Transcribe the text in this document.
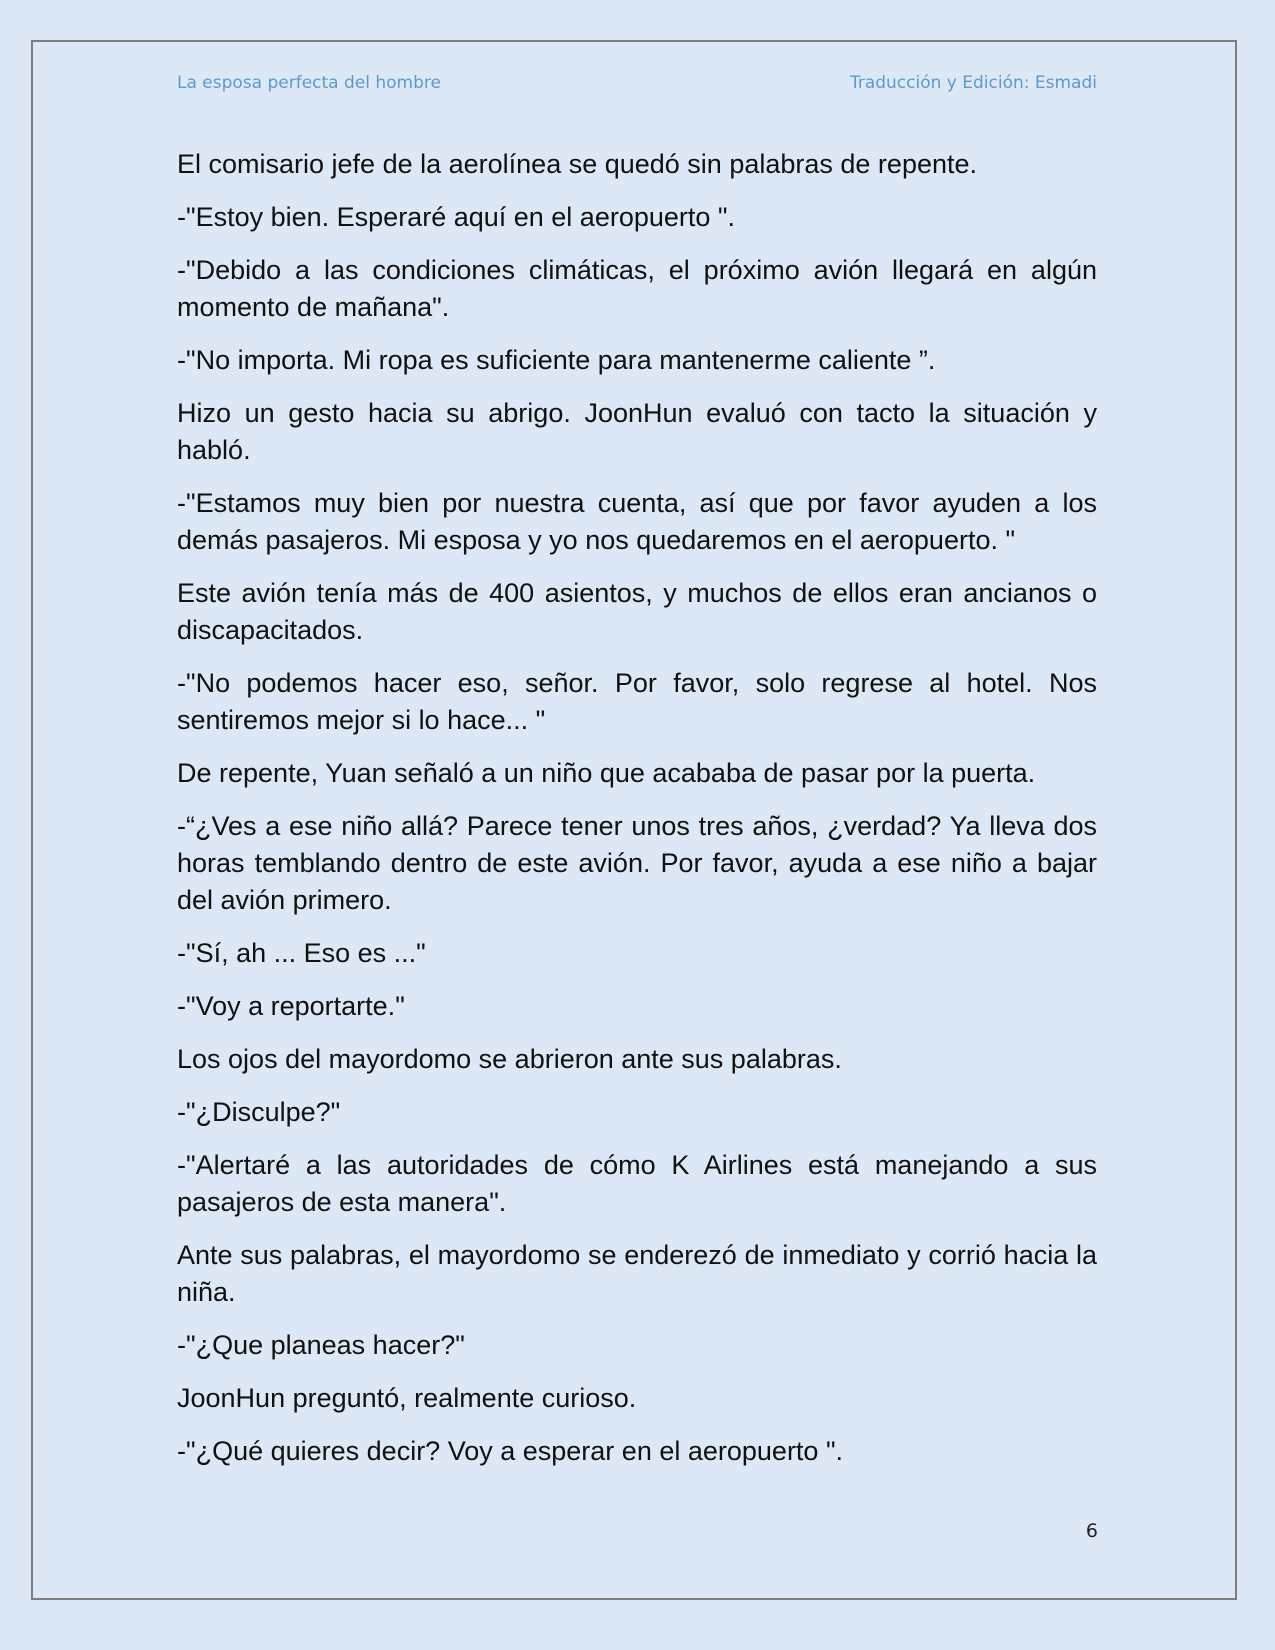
La esposa perfecta del hombre	Traducción y Edición: Esmadi

El comisario jefe de la aerolínea se quedó sin palabras de repente.

-"Estoy bien. Esperaré aquí en el aeropuerto ".

-"Debido a las condiciones climáticas, el próximo avión llegará en algún momento de mañana".

-"No importa. Mi ropa es suficiente para mantenerme caliente ”.

Hizo un gesto hacia su abrigo. JoonHun evaluó con tacto la situación y habló.

-"Estamos muy bien por nuestra cuenta, así que por favor ayuden a los demás pasajeros. Mi esposa y yo nos quedaremos en el aeropuerto. "

Este avión tenía más de 400 asientos, y muchos de ellos eran ancianos o discapacitados.

-"No podemos hacer eso, señor. Por favor, solo regrese al hotel. Nos sentiremos mejor si lo hace... "

De repente, Yuan señaló a un niño que acababa de pasar por la puerta.

-“¿Ves a ese niño allá? Parece tener unos tres años, ¿verdad? Ya lleva dos horas temblando dentro de este avión. Por favor, ayuda a ese niño a bajar del avión primero.

-"Sí, ah ... Eso es ..."

-"Voy a reportarte."

Los ojos del mayordomo se abrieron ante sus palabras.

-"¿Disculpe?"

-"Alertaré a las autoridades de cómo K Airlines está manejando a sus pasajeros de esta manera".

Ante sus palabras, el mayordomo se enderezó de inmediato y corrió hacia la niña.

-"¿Que planeas hacer?"

JoonHun preguntó, realmente curioso.

-"¿Qué quieres decir? Voy a esperar en el aeropuerto ".

6
